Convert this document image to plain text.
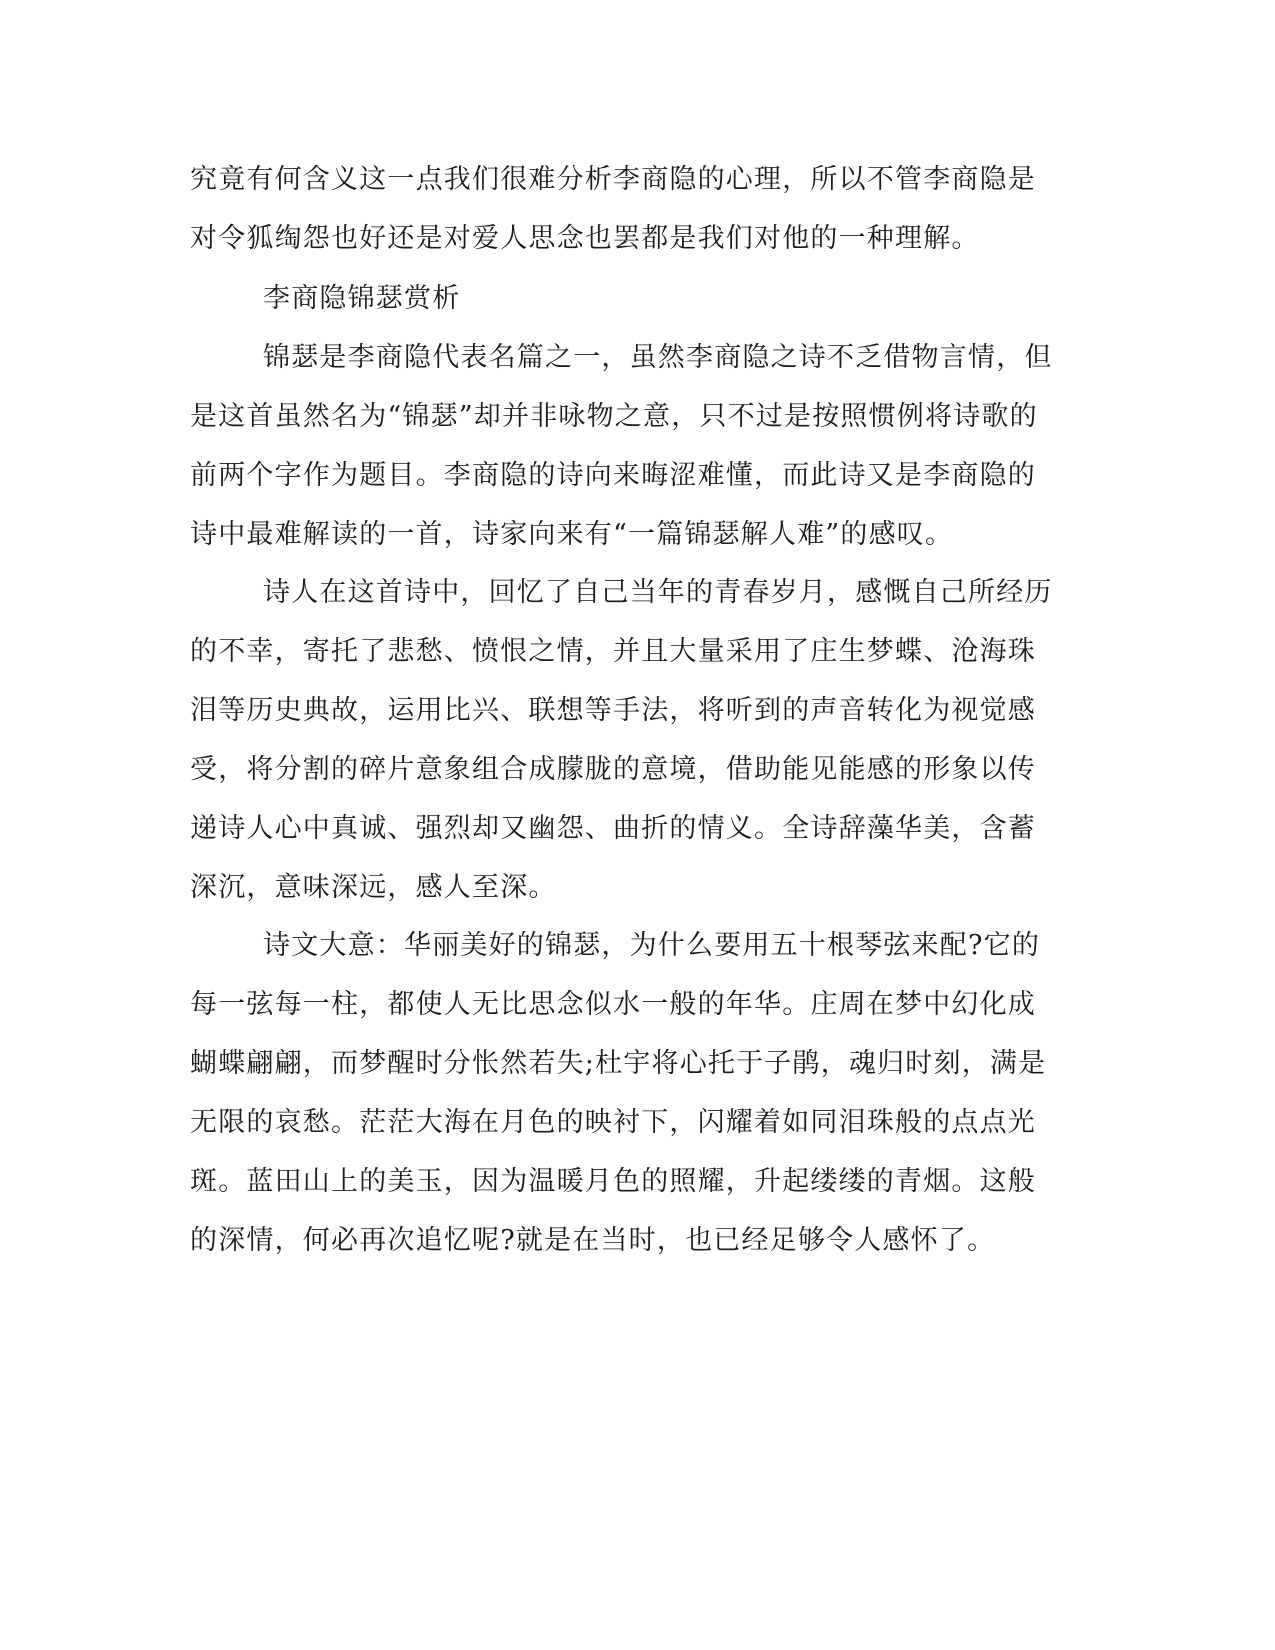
究竟有何含义这一点我们很难分析李商隐的心理，所以不管李商隐是
对令狐绹怨也好还是对爱人思念也罢都是我们对他的一种理解。
李商隐锦瑟赏析
锦瑟是李商隐代表名篇之一，虽然李商隐之诗不乏借物言情，但
是这首虽然名为“锦瑟”却并非咏物之意，只不过是按照惯例将诗歌的
前两个字作为题目。李商隐的诗向来晦涩难懂，而此诗又是李商隐的
诗中最难解读的一首，诗家向来有“一篇锦瑟解人难”的感叹。
诗人在这首诗中，回忆了自己当年的青春岁月，感慨自己所经历
的不幸，寄托了悲愁、愤恨之情，并且大量采用了庄生梦蝶、沧海珠
泪等历史典故，运用比兴、联想等手法，将听到的声音转化为视觉感
受，将分割的碎片意象组合成朦胧的意境，借助能见能感的形象以传
递诗人心中真诚、强烈却又幽怨、曲折的情义。全诗辞藻华美，含蓄
深沉，意味深远，感人至深。
诗文大意：华丽美好的锦瑟，为什么要用五十根琴弦来配?它的
每一弦每一柱，都使人无比思念似水一般的年华。庄周在梦中幻化成
蝴蝶翩翩，而梦醒时分怅然若失;杜宇将心托于子鹃，魂归时刻，满是
无限的哀愁。茫茫大海在月色的映衬下，闪耀着如同泪珠般的点点光
斑。蓝田山上的美玉，因为温暖月色的照耀，升起缕缕的青烟。这般
的深情，何必再次追忆呢?就是在当时，也已经足够令人感怀了。
